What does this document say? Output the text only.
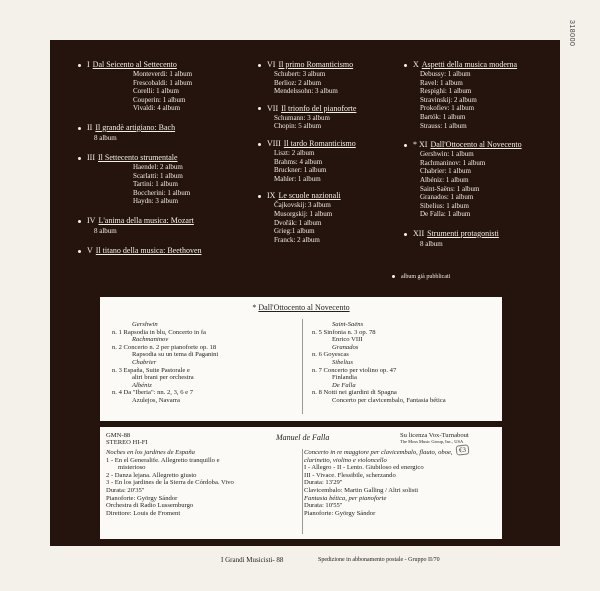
318000
I Dal Seicento al Settecento
Monteverdi: 1 album
Frescobaldi: 1 album
Corelli: 1 album
Couperin: 1 album
Vivaldi: 4 album
II Il grandè artigiano: Bach
8 album
III Il Settecento strumentale
Haendel: 2 album
Scarlatti: 1 album
Tartini: 1 album
Boccherini: 1 album
Haydn: 3 album
IV L'anima della musica: Mozart
8 album
V Il titano della musica: Beethoven
VI Il primo Romanticismo
Schubert: 3 album
Berlioz: 2 album
Mendelssohn: 3 album
VII Il trionfo del pianoforte
Schumann: 3 album
Chopin: 5 album
VIII Il tardo Romanticismo
Liszt: 2 album
Brahms: 4 album
Bruckner: 1 album
Mahler: 1 album
IX Le scuole nazionali
Čajkovskij: 3 album
Musorgskij: 1 album
Dvořák: 1 album
Grieg:1 album
Franck: 2 album
X Aspetti della musica moderna
Debussy: 1 album
Ravel: 1 album
Respighi: 1 album
Stravinskij: 2 album
Prokofiev: 1 album
Bartók: 1 album
Strauss: 1 album
* XI Dall'Ottocento al Novecento
Gershwin: 1 album
Rachmaninov: 1 album
Chabrier: 1 album
Albéniz: 1 album
Saint-Saëns: 1 album
Granados: 1 album
Sibelius: 1 album
De Falla: 1 album
XII Strumenti protagonisti
8 album
album già pubblicati
* Dall'Ottocento al Novecento
Gershwin
n. 1 Rapsodia in blu, Concerto in fa
Rachmaninov
n. 2 Concerto n. 2 per pianoforte op. 18
Rapsodia su un tema di Paganini
Chabrier
n. 3 España, Suite Pastorale e
altri brani per orchestra
Albéniz
n. 4 Da "Iberia": nn. 2, 3, 6 e 7
Azulejos, Navarra
Saint-Saëns
n. 5 Sinfonia n. 3 op. 78
Enrico VIII
Granados
n. 6 Goyescas
Sibelius
n. 7 Concerto per violino op. 47
Finlandia
De Falla
n. 8 Notti nei giardini di Spagna
Concerto per clavicembalo, Fantasia bética
GMN-88
STEREO HI-FI
Manuel de Falla	Su licenza Vox-Turnabout
The Moss Music Group, Inc., USA
Noches en los jardines de España
1 - En el Generalife. Allegretto tranquillo e
misterioso
2 - Danza lejana. Allegretto giusto
3 - En los jardines de la Sierra de Córdoba. Vivo
Durata: 20'35"
Pianoforte: György Sándor
Orchestra di Radio Lussemburgo
Direttore: Louis de Froment
Concerto in re maggiore per clavicembalo, flauto, oboe,
clarinetto, violino e violoncello
I - Allegro - II - Lento. Giubiloso ed energico
III - Vivace. Flessibile, scherzando
Durata: 13'29"
Clavicembalo: Martin Galling / Altri solisti
Fantasia bética, per pianoforte
Durata: 10'55"
Pianoforte: György Sándor
€3
I Grandi Musicisti- 88	Spedizione in abbonamento postale - Gruppo II/70
